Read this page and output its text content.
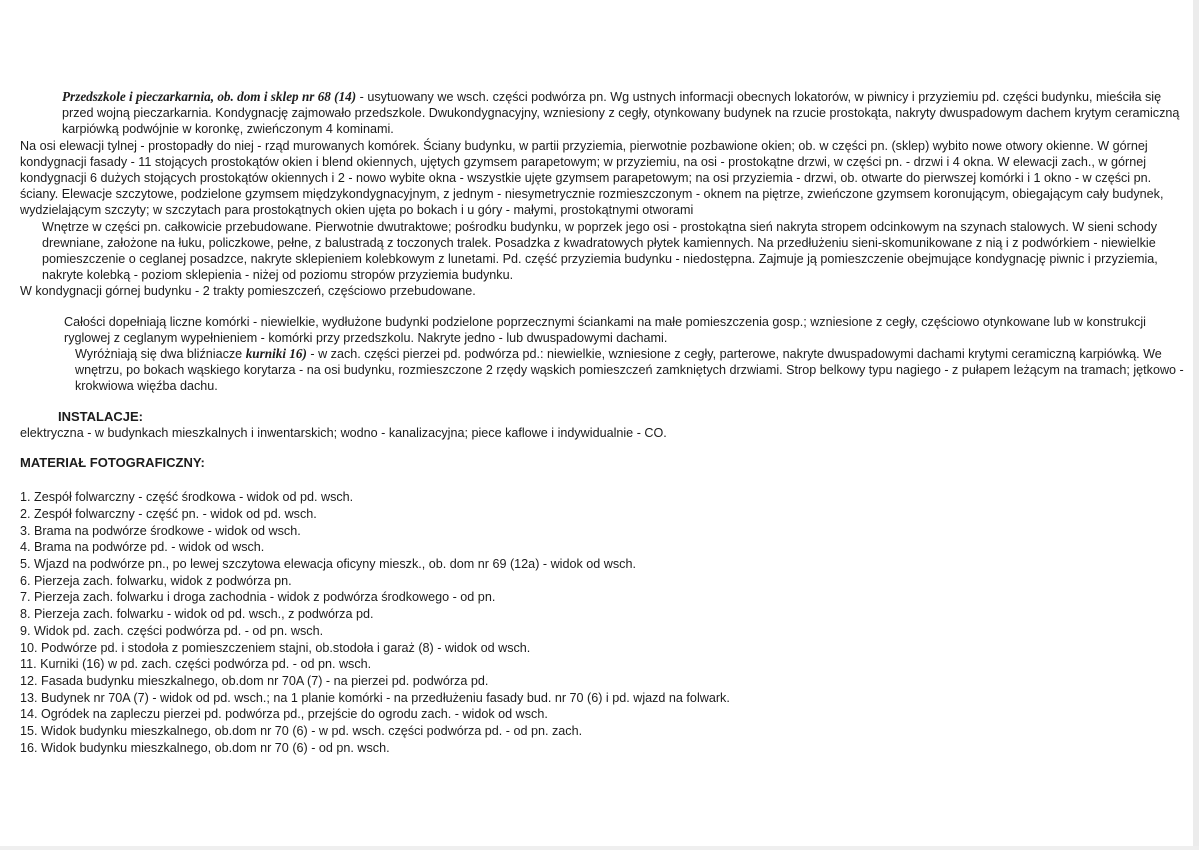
Przedszkole i pieczarkarnia, ob. dom i sklep nr 68 (14) - usytuowany we wsch. części podwórza pn. Wg ustnych informacji obecnych lokatorów, w piwnicy i przyziemiu pd. części budynku, mieściła się przed wojną pieczarkarnia. Kondygnację zajmowało przedszkole. Dwukondygnacyjny, wzniesiony z cegły, otynkowany budynek na rzucie prostokąta, nakryty dwuspadowym dachem krytym ceramiczną karpiówką podwójnie w koronkę, zwieńczonym 4 kominami.

Na osi elewacji tylnej - prostopadły do niej - rząd murowanych komórek. Ściany budynku, w partii przyziemia, pierwotnie pozbawione okien; ob. w części pn. (sklep) wybito nowe otwory okienne. W górnej kondygnacji fasady - 11 stojących prostokątów okien i blend okiennych, ujętych gzymsem parapetowym; w przyziemiu, na osi - prostokątne drzwi, w części pn. - drzwi i 4 okna. W elewacji zach., w górnej kondygnacji 6 dużych stojących prostokątów okiennych i 2 - nowo wybite okna - wszystkie ujęte gzymsem parapetowym; na osi przyziemia - drzwi, ob. otwarte do pierwszej komórki i 1 okno - w części pn. ściany. Elewacje szczytowe, podzielone gzymsem międzykondygnacyjnym, z jednym - niesymetrycznie rozmieszczonym - oknem na piętrze, zwieńczone gzymsem koronującym, obiegającym cały budynek, wydzielającym szczyty; w szczytach para prostokątnych okien ujęta po bokach i u góry - małymi, prostokątnymi otworami

Wnętrze w części pn. całkowicie przebudowane. Pierwotnie dwutraktowe; pośrodku budynku, w poprzek jego osi - prostokątna sień nakryta stropem odcinkowym na szynach stalowych. W sieni schody drewniane, założone na łuku, policzkowe, pełne, z balustradą z toczonych tralek. Posadzka z kwadratowych płytek kamiennych. Na przedłużeniu sieni-skomunikowane z nią i z podwórkiem - niewielkie pomieszczenie o ceglanej posadzce, nakryte sklepieniem kolebkowym z lunetami. Pd. część przyziemia budynku - niedostępna. Zajmuje ją pomieszczenie obejmujące kondygnację piwnic i przyziemia, nakryte kolebką - poziom sklepienia - niżej od poziomu stropów przyziemia budynku.

W kondygnacji górnej budynku - 2 trakty pomieszczeń, częściowo przebudowane.

Całości dopełniają liczne komórki - niewielkie, wydłużone budynki podzielone poprzecznymi ściankami na małe pomieszczenia gosp.; wzniesione z cegły, częściowo otynkowane lub w konstrukcji ryglowej z ceglanym wypełnieniem - komórki przy przedszkolu. Nakryte jedno - lub dwuspadowymi dachami.

Wyróżniają się dwa bliźniacze kurniki 16) - w zach. części pierzei pd. podwórza pd.: niewielkie, wzniesione z cegły, parterowe, nakryte dwuspadowymi dachami krytymi ceramiczną karpiówką. We wnętrzu, po bokach wąskiego korytarza - na osi budynku, rozmieszczone 2 rzędy wąskich pomieszczeń zamkniętych drzwiami. Strop belkowy typu nagiego - z pułapem leżącym na tramach; jętkowo - krokwiowa więźba dachu.

INSTALACJE:

elektryczna - w budynkach mieszkalnych i inwentarskich; wodno - kanalizacyjna; piece kaflowe i indywidualnie - CO.

MATERIAŁ FOTOGRAFICZNY:

1. Zespół folwarczny - część środkowa - widok od pd. wsch.
2. Zespół folwarczny - część pn. - widok od pd. wsch.
3. Brama na podwórze środkowe - widok od wsch.
4. Brama na podwórze pd. - widok od wsch.
5. Wjazd na podwórze pn., po lewej szczytowa elewacja oficyny mieszk., ob. dom nr 69 (12a) - widok od wsch.
6. Pierzeja zach. folwarku, widok z podwórza pn.
7. Pierzeja zach. folwarku i droga zachodnia - widok z podwórza środkowego - od pn.
8. Pierzeja zach. folwarku - widok od pd. wsch., z podwórza pd.
9. Widok pd. zach. części podwórza pd. - od pn. wsch.
10. Podwórze pd. i stodoła z pomieszczeniem stajni, ob.stodoła i garaż (8) - widok od wsch.
11. Kurniki (16) w pd. zach. części podwórza pd. - od pn. wsch.
12. Fasada budynku mieszkalnego, ob.dom nr 70A (7) - na pierzei pd. podwórza pd.
13. Budynek nr 70A (7) - widok od pd. wsch.; na 1 planie komórki - na przedłużeniu fasady bud. nr 70 (6) i pd. wjazd na folwark.
14. Ogródek na zapleczu pierzei pd. podwórza pd., przejście do ogrodu zach. - widok od wsch.
15. Widok budynku mieszkalnego, ob.dom nr 70 (6) - w pd. wsch. części podwórza pd. - od pn. zach.
16. Widok budynku mieszkalnego, ob.dom nr 70 (6) - od pn. wsch.
